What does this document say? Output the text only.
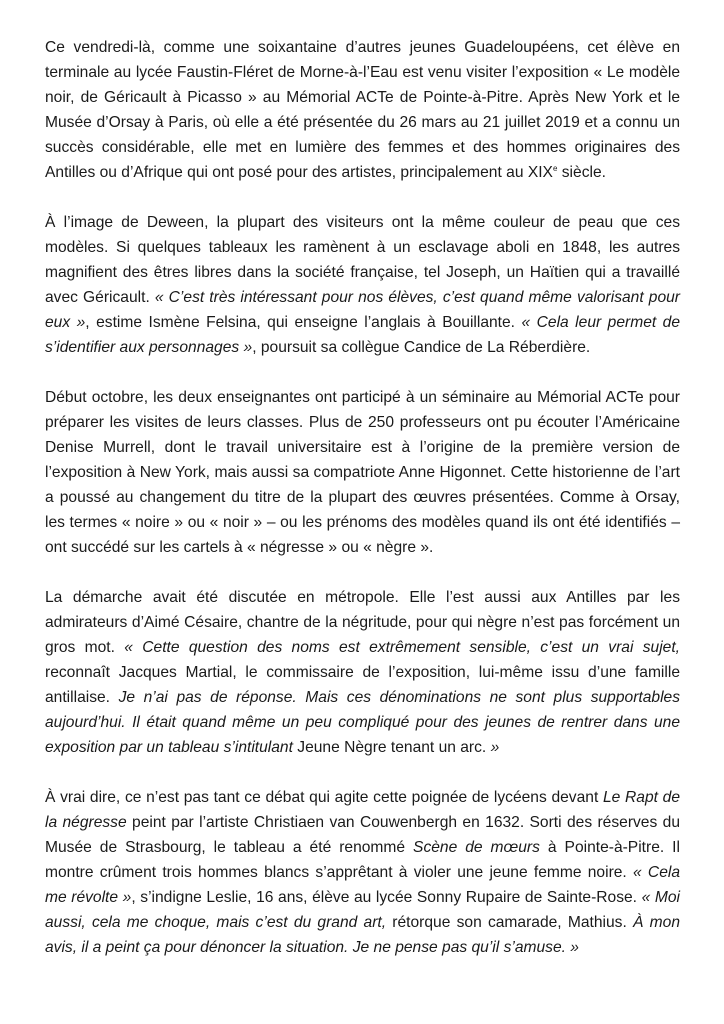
Ce vendredi-là, comme une soixantaine d’autres jeunes Guadeloupéens, cet élève en terminale au lycée Faustin-Fléret de Morne-à-l’Eau est venu visiter l’exposition « Le modèle noir, de Géricault à Picasso » au Mémorial ACTe de Pointe-à-Pitre. Après New York et le Musée d’Orsay à Paris, où elle a été présentée du 26 mars au 21 juillet 2019 et a connu un succès considérable, elle met en lumière des femmes et des hommes originaires des Antilles ou d’Afrique qui ont posé pour des artistes, principalement au XIXe siècle.

À l’image de Deween, la plupart des visiteurs ont la même couleur de peau que ces modèles. Si quelques tableaux les ramènent à un esclavage aboli en 1848, les autres magnifient des êtres libres dans la société française, tel Joseph, un Haïtien qui a travaillé avec Géricault. « C’est très intéressant pour nos élèves, c’est quand même valorisant pour eux », estime Ismène Felsina, qui enseigne l’anglais à Bouillante. « Cela leur permet de s’identifier aux personnages », poursuit sa collègue Candice de La Réberdière.

Début octobre, les deux enseignantes ont participé à un séminaire au Mémorial ACTe pour préparer les visites de leurs classes. Plus de 250 professeurs ont pu écouter l’Américaine Denise Murrell, dont le travail universitaire est à l’origine de la première version de l’exposition à New York, mais aussi sa compatriote Anne Higonnet. Cette historienne de l’art a poussé au changement du titre de la plupart des œuvres présentées. Comme à Orsay, les termes « noire » ou « noir » – ou les prénoms des modèles quand ils ont été identifiés – ont succédé sur les cartels à « négresse » ou « nègre ».

La démarche avait été discutée en métropole. Elle l’est aussi aux Antilles par les admirateurs d’Aimé Césaire, chantre de la négritude, pour qui nègre n’est pas forcément un gros mot. « Cette question des noms est extrêmement sensible, c’est un vrai sujet, reconnaît Jacques Martial, le commissaire de l’exposition, lui-même issu d’une famille antillaise. Je n’ai pas de réponse. Mais ces dénominations ne sont plus supportables aujourd’hui. Il était quand même un peu compliqué pour des jeunes de rentrer dans une exposition par un tableau s’intitulant Jeune Nègre tenant un arc. »

À vrai dire, ce n’est pas tant ce débat qui agite cette poignée de lycéens devant Le Rapt de la négresse peint par l’artiste Christiaen van Couwenbergh en 1632. Sorti des réserves du Musée de Strasbourg, le tableau a été renommé Scène de mœurs à Pointe-à-Pitre. Il montre crûment trois hommes blancs s’apprêtant à violer une jeune femme noire. « Cela me révolte », s’indigne Leslie, 16 ans, élève au lycée Sonny Rupaire de Sainte-Rose. « Moi aussi, cela me choque, mais c’est du grand art, rétorque son camarade, Mathius. À mon avis, il a peint ça pour dénoncer la situation. Je ne pense pas qu’il s’amuse. »
